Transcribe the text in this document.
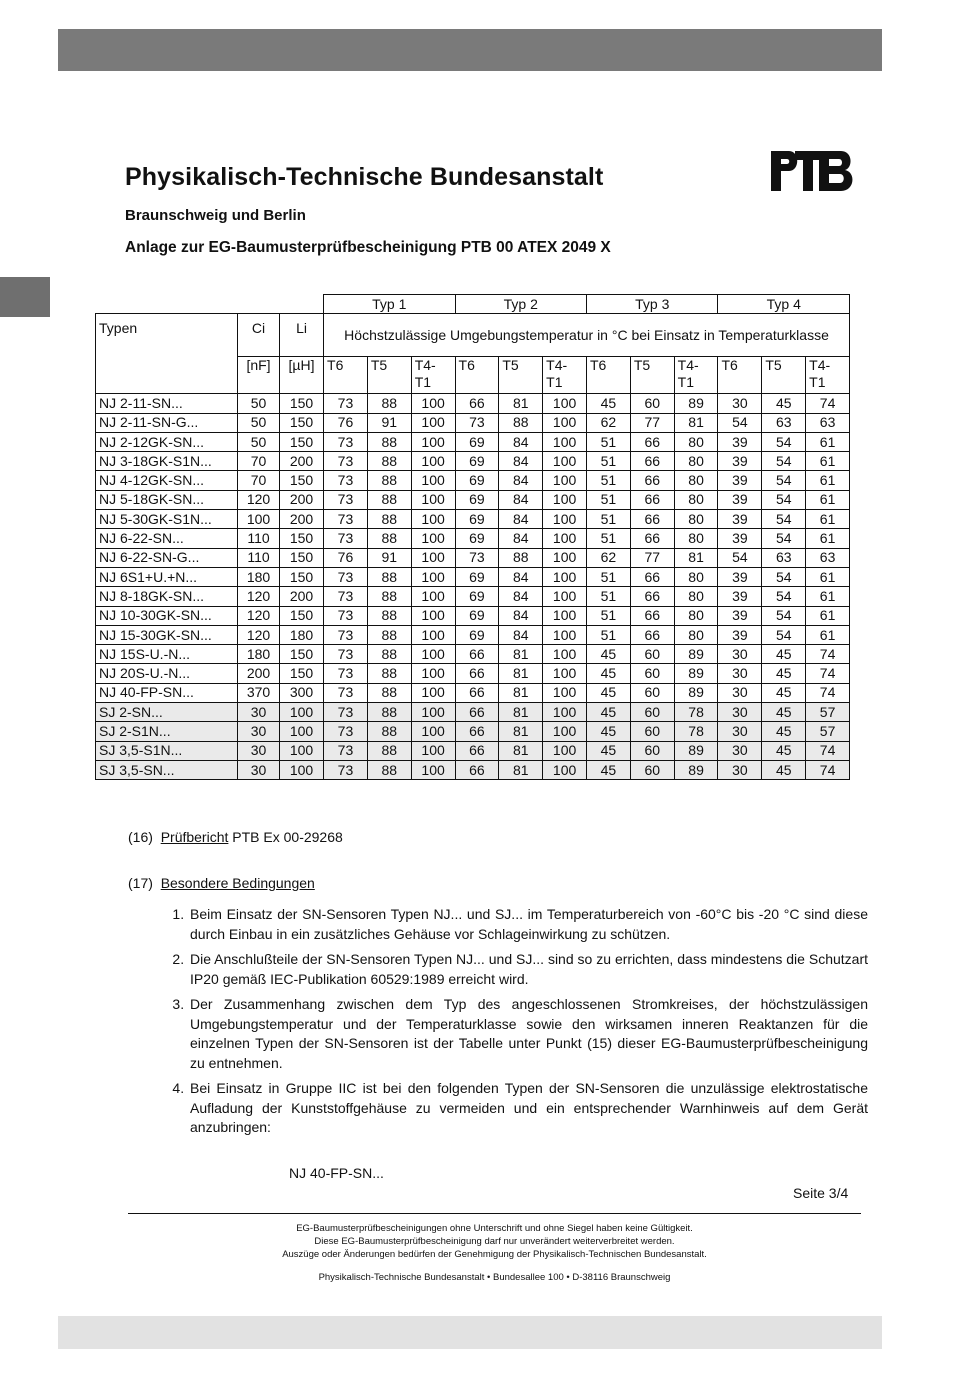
Physikalisch-Technische Bundesanstalt
Braunschweig und Berlin
Anlage zur EG-Baumusterprüfbescheinigung PTB 00 ATEX 2049 X
			Typ 1			Typ 2			Typ 3			Typ 4		
Typen	Ci	Li	Höchstzulässige Umgebungstemperatur in °C bei Einsatz in Temperaturklasse											
	[nF]	[µH]	T6	T5	T4-T1	T6	T5	T4-T1	T6	T5	T4-T1	T6	T5	T4-T1
NJ 2-11-SN...	50	150	73	88	100	66	81	100	45	60	89	30	45	74
NJ 2-11-SN-G...	50	150	76	91	100	73	88	100	62	77	81	54	63	63
NJ 2-12GK-SN...	50	150	73	88	100	69	84	100	51	66	80	39	54	61
NJ 3-18GK-S1N...	70	200	73	88	100	69	84	100	51	66	80	39	54	61
NJ 4-12GK-SN...	70	150	73	88	100	69	84	100	51	66	80	39	54	61
NJ 5-18GK-SN...	120	200	73	88	100	69	84	100	51	66	80	39	54	61
NJ 5-30GK-S1N...	100	200	73	88	100	69	84	100	51	66	80	39	54	61
NJ 6-22-SN...	110	150	73	88	100	69	84	100	51	66	80	39	54	61
NJ 6-22-SN-G...	110	150	76	91	100	73	88	100	62	77	81	54	63	63
NJ 6S1+U.+N...	180	150	73	88	100	69	84	100	51	66	80	39	54	61
NJ 8-18GK-SN...	120	200	73	88	100	69	84	100	51	66	80	39	54	61
NJ 10-30GK-SN...	120	150	73	88	100	69	84	100	51	66	80	39	54	61
NJ 15-30GK-SN...	120	180	73	88	100	69	84	100	51	66	80	39	54	61
NJ 15S-U.-N...	180	150	73	88	100	66	81	100	45	60	89	30	45	74
NJ 20S-U.-N...	200	150	73	88	100	66	81	100	45	60	89	30	45	74
NJ 40-FP-SN...	370	300	73	88	100	66	81	100	45	60	89	30	45	74
SJ 2-SN...	30	100	73	88	100	66	81	100	45	60	78	30	45	57
SJ 2-S1N...	30	100	73	88	100	66	81	100	45	60	78	30	45	57
SJ 3,5-S1N...	30	100	73	88	100	66	81	100	45	60	89	30	45	74
SJ 3,5-SN...	30	100	73	88	100	66	81	100	45	60	89	30	45	74
(16) Prüfbericht PTB Ex 00-29268
(17) Besondere Bedingungen
1. Beim Einsatz der SN-Sensoren Typen NJ... und SJ... im Temperaturbereich von -60°C bis -20 °C sind diese durch Einbau in ein zusätzliches Gehäuse vor Schlageinwirkung zu schützen.
2. Die Anschlußteile der SN-Sensoren Typen NJ... und SJ... sind so zu errichten, dass mindestens die Schutzart IP20 gemäß IEC-Publikation 60529:1989 erreicht wird.
3. Der Zusammenhang zwischen dem Typ des angeschlossenen Stromkreises, der höchstzulässigen Umgebungstemperatur und der Temperaturklasse sowie den wirksamen inneren Reaktanzen für die einzelnen Typen der SN-Sensoren ist der Tabelle unter Punkt (15) dieser EG-Baumusterprüfbescheinigung zu entnehmen.
4. Bei Einsatz in Gruppe IIC ist bei den folgenden Typen der SN-Sensoren die unzulässige elektrostatische Aufladung der Kunststoffgehäuse zu vermeiden und ein entsprechender Warnhinweis auf dem Gerät anzubringen:
NJ 40-FP-SN...
Seite 3/4
EG-Baumusterprüfbescheinigungen ohne Unterschrift und ohne Siegel haben keine Gültigkeit.
Diese EG-Baumusterprüfbescheinigung darf nur unverändert weiterverbreitet werden.
Auszüge oder Änderungen bedürfen der Genehmigung der Physikalisch-Technischen Bundesanstalt.
Physikalisch-Technische Bundesanstalt • Bundesallee 100 • D-38116 Braunschweig
